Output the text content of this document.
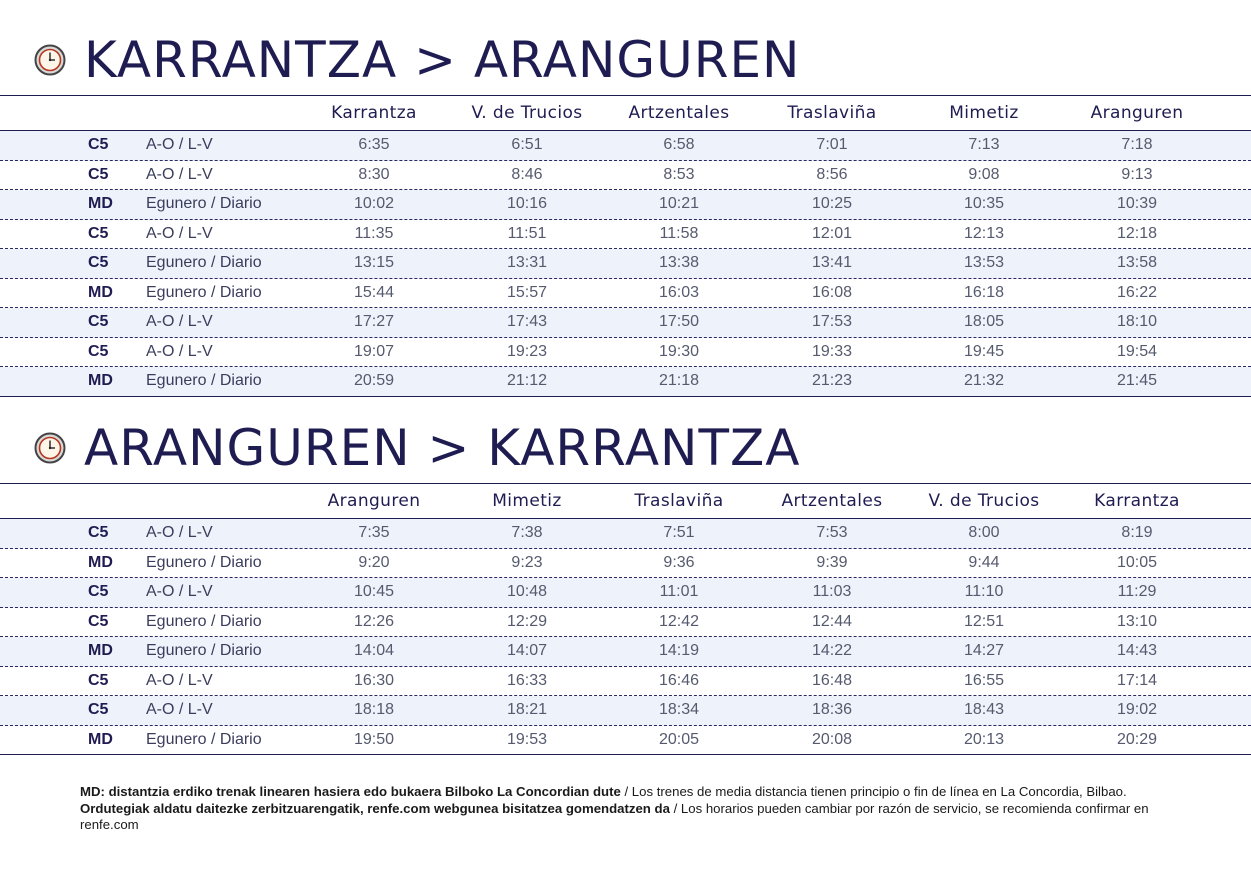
KARRANTZA > ARANGUREN
Karrantza	V. de Trucios	Artzentales	Traslaviña	Mimetiz	Aranguren
C5	A-O / L-V	6:35	6:51	6:58	7:01	7:13	7:18
C5	A-O / L-V	8:30	8:46	8:53	8:56	9:08	9:13
MD	Egunero / Diario	10:02	10:16	10:21	10:25	10:35	10:39
C5	A-O / L-V	11:35	11:51	11:58	12:01	12:13	12:18
C5	Egunero / Diario	13:15	13:31	13:38	13:41	13:53	13:58
MD	Egunero / Diario	15:44	15:57	16:03	16:08	16:18	16:22
C5	A-O / L-V	17:27	17:43	17:50	17:53	18:05	18:10
C5	A-O / L-V	19:07	19:23	19:30	19:33	19:45	19:54
MD	Egunero / Diario	20:59	21:12	21:18	21:23	21:32	21:45
ARANGUREN > KARRANTZA
Aranguren	Mimetiz	Traslaviña	Artzentales	V. de Trucios	Karrantza
C5	A-O / L-V	7:35	7:38	7:51	7:53	8:00	8:19
MD	Egunero / Diario	9:20	9:23	9:36	9:39	9:44	10:05
C5	A-O / L-V	10:45	10:48	11:01	11:03	11:10	11:29
C5	Egunero / Diario	12:26	12:29	12:42	12:44	12:51	13:10
MD	Egunero / Diario	14:04	14:07	14:19	14:22	14:27	14:43
C5	A-O / L-V	16:30	16:33	16:46	16:48	16:55	17:14
C5	A-O / L-V	18:18	18:21	18:34	18:36	18:43	19:02
MD	Egunero / Diario	19:50	19:53	20:05	20:08	20:13	20:29
MD: distantzia erdiko trenak linearen hasiera edo bukaera Bilboko La Concordian dute / Los trenes de media distancia tienen principio o fin de línea en La Concordia, Bilbao.
Ordutegiak aldatu daitezke zerbitzuarengatik, renfe.com webgunea bisitatzea gomendatzen da / Los horarios pueden cambiar por razón de servicio, se recomienda confirmar en renfe.com
